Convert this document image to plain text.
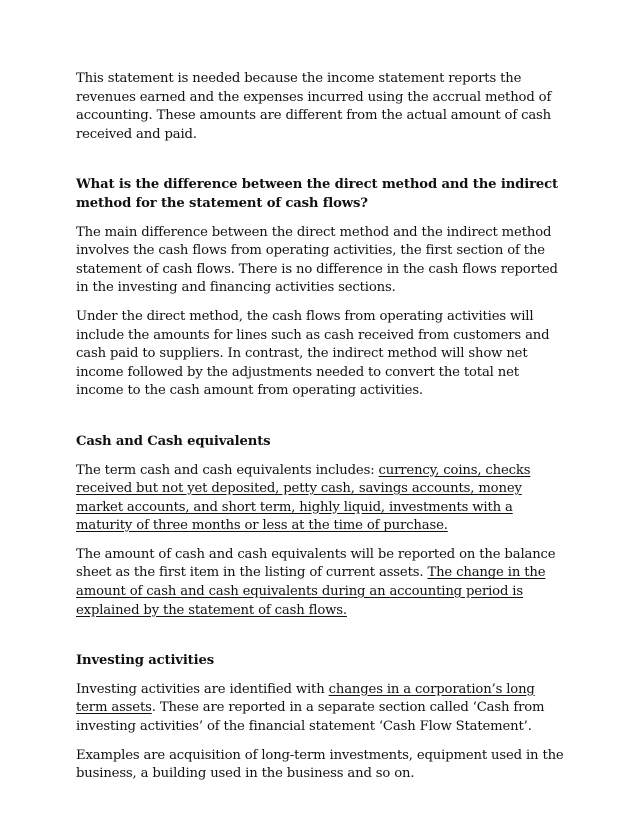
This statement is needed because the income statement reports the revenues earned and the expenses incurred using the accrual method of accounting. These amounts are different from the actual amount of cash received and paid.

What is the difference between the direct method and the indirect method for the statement of cash flows?

The main difference between the direct method and the indirect method involves the cash flows from operating activities, the first section of the statement of cash flows. There is no difference in the cash flows reported in the investing and financing activities sections.

Under the direct method, the cash flows from operating activities will include the amounts for lines such as cash received from customers and cash paid to suppliers. In contrast, the indirect method will show net income followed by the adjustments needed to convert the total net income to the cash amount from operating activities.

Cash and Cash equivalents

The term cash and cash equivalents includes: currency, coins, checks received but not yet deposited, petty cash, savings accounts, money market accounts, and short term, highly liquid, investments with a maturity of three months or less at the time of purchase.

The amount of cash and cash equivalents will be reported on the balance sheet as the first item in the listing of current assets. The change in the amount of cash and cash equivalents during an accounting period is explained by the statement of cash flows.

Investing activities

Investing activities are identified with changes in a corporation’s long term assets. These are reported in a separate section called ‘Cash from investing activities’ of the financial statement ‘Cash Flow Statement’.

Examples are acquisition of long-term investments, equipment used in the business, a building used in the business and so on.
